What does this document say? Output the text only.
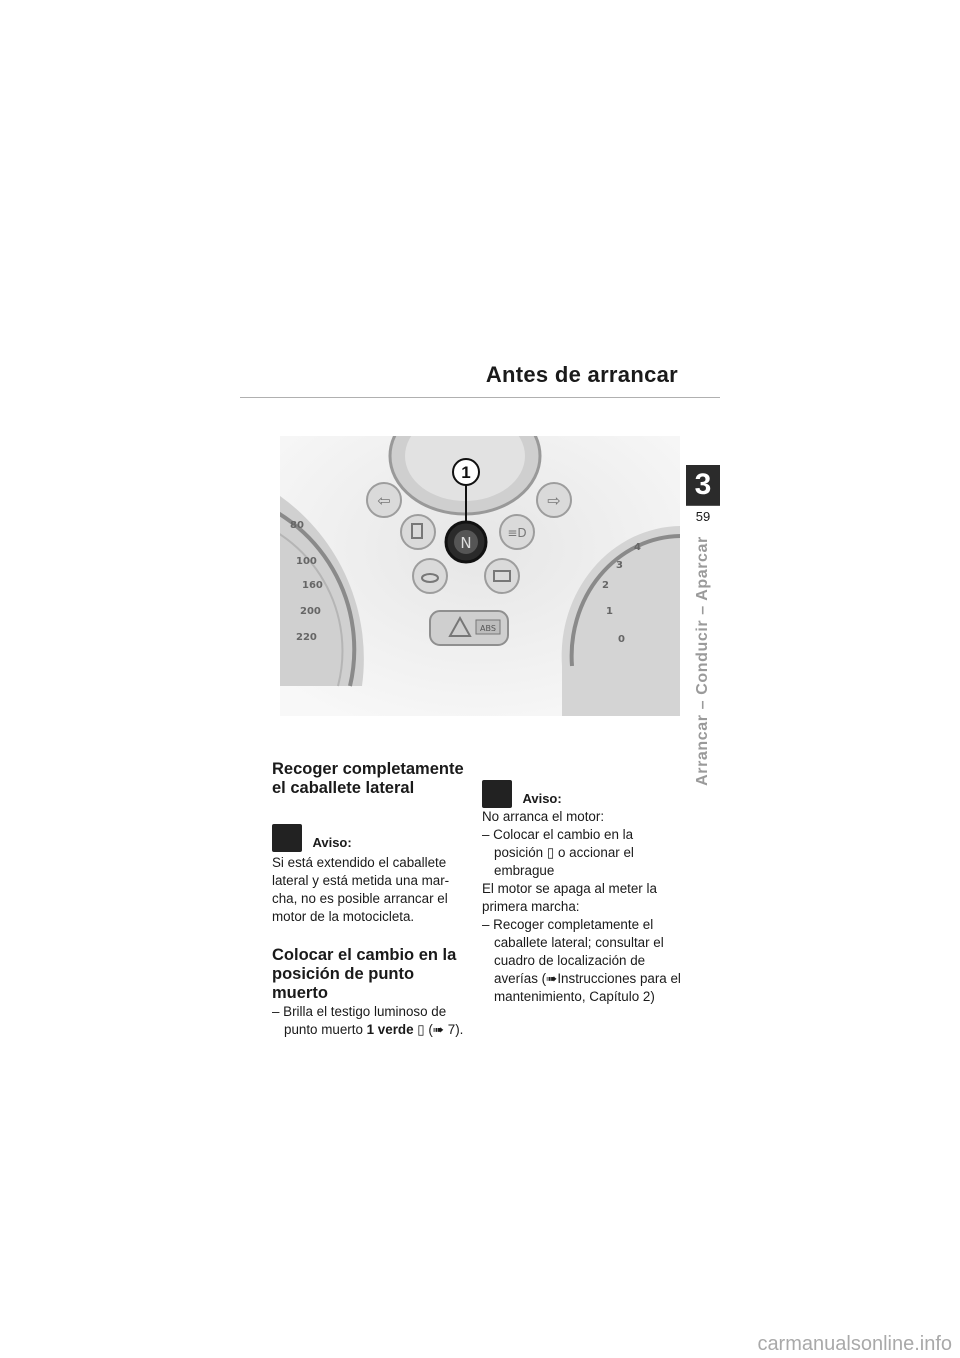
Antes de arrancar
3
59
Arrancar – Conducir – Aparcar
⇦	⇨
≡D
N
1
ABS
80
100
160
200
220
4
3
2
1
0
Recoger completamente el caballete lateral
Aviso:
Si está extendido el caballete lateral y está metida una mar-cha, no es posible arrancar el motor de la motocicleta.
Colocar el cambio en la posición de punto muerto
– Brilla el testigo luminoso de punto muerto 1 verde ▯ (➠ 7).
Aviso:
No arranca el motor:
– Colocar el cambio en la posición ▯ o accionar el embrague
El motor se apaga al meter la primera marcha:
– Recoger completamente el caballete lateral; consultar el cuadro de localización de averías (➠Instrucciones para el mantenimiento, Capítulo 2)
carmanualsonline.info
